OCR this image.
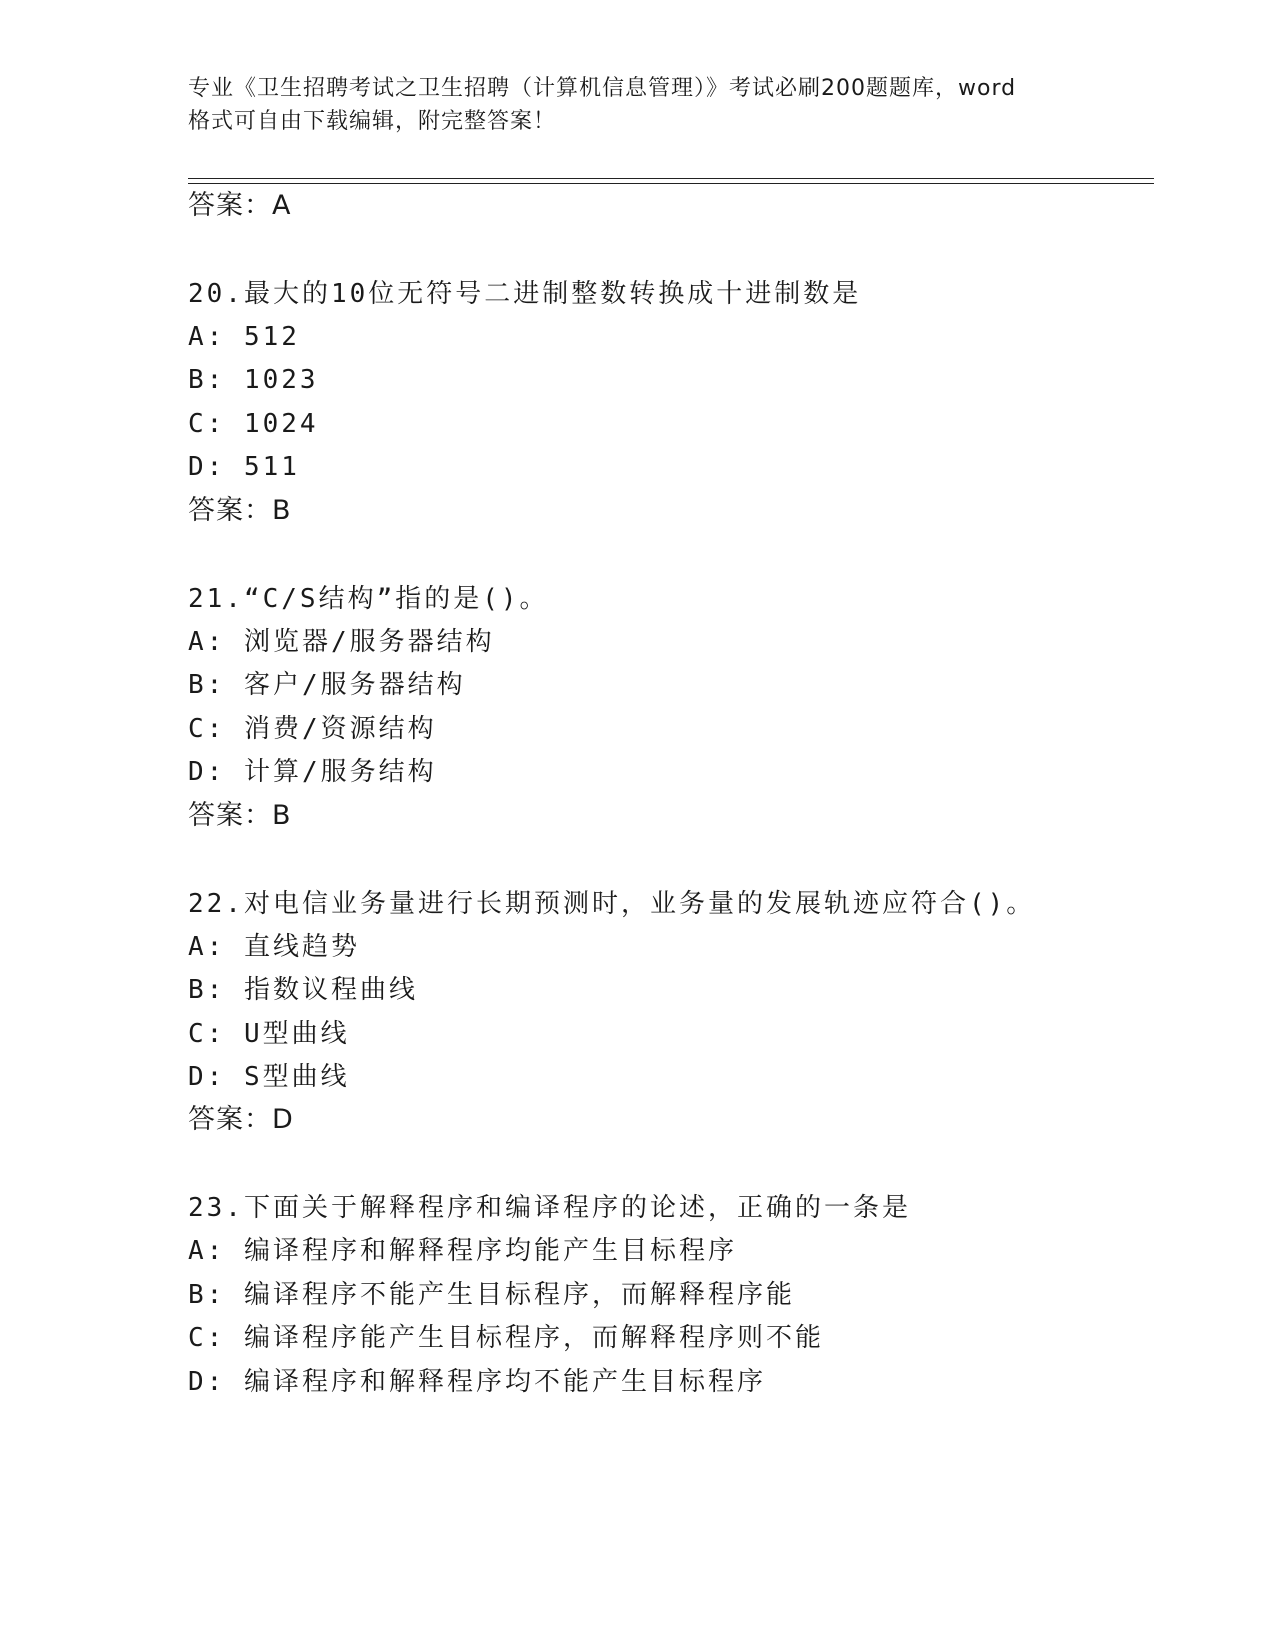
专业《卫生招聘考试之卫生招聘（计算机信息管理）》考试必刷200题题库，word
格式可自由下载编辑，附完整答案！
答案：A
20.最大的10位无符号二进制整数转换成十进制数是
A: 512
B: 1023
C: 1024
D: 511
答案：B
21.“C/S结构”指的是()。
A: 浏览器/服务器结构
B: 客户/服务器结构
C: 消费/资源结构
D: 计算/服务结构
答案：B
22.对电信业务量进行长期预测时，业务量的发展轨迹应符合()。
A: 直线趋势
B: 指数议程曲线
C: U型曲线
D: S型曲线
答案：D
23.下面关于解释程序和编译程序的论述，正确的一条是
A: 编译程序和解释程序均能产生目标程序
B: 编译程序不能产生目标程序，而解释程序能
C: 编译程序能产生目标程序，而解释程序则不能
D: 编译程序和解释程序均不能产生目标程序
